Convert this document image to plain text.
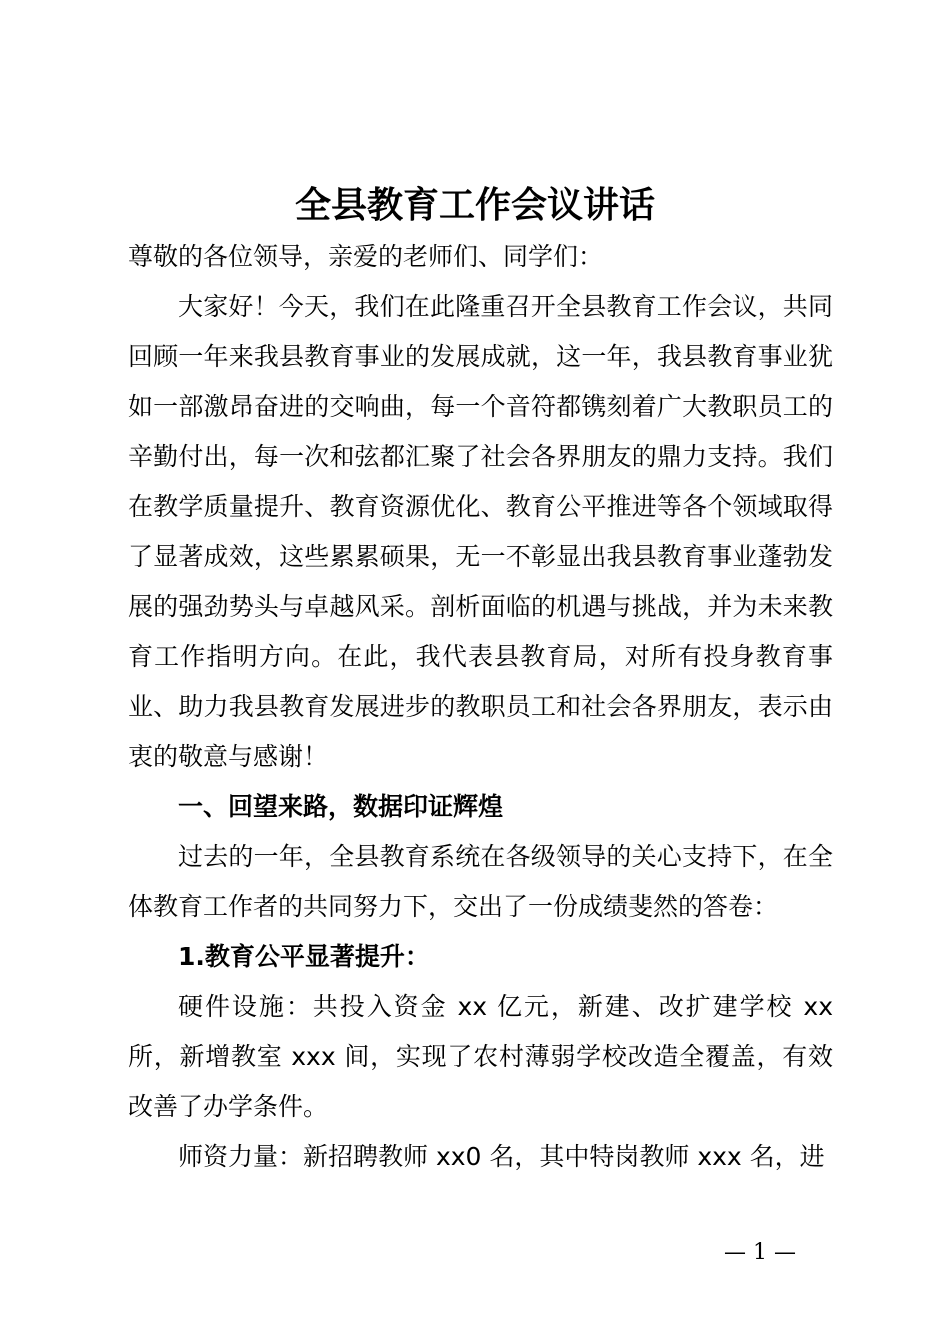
全县教育工作会议讲话

尊敬的各位领导，亲爱的老师们、同学们：

大家好！今天，我们在此隆重召开全县教育工作会议，共同回顾一年来我县教育事业的发展成就，这一年，我县教育事业犹如一部激昂奋进的交响曲，每一个音符都镌刻着广大教职员工的辛勤付出，每一次和弦都汇聚了社会各界朋友的鼎力支持。我们在教学质量提升、教育资源优化、教育公平推进等各个领域取得了显著成效，这些累累硕果，无一不彰显出我县教育事业蓬勃发展的强劲势头与卓越风采。剖析面临的机遇与挑战，并为未来教育工作指明方向。在此，我代表县教育局，对所有投身教育事业、助力我县教育发展进步的教职员工和社会各界朋友，表示由衷的敬意与感谢！

一、回望来路，数据印证辉煌

过去的一年，全县教育系统在各级领导的关心支持下，在全体教育工作者的共同努力下，交出了一份成绩斐然的答卷：

1.教育公平显著提升：

硬件设施：共投入资金 xx 亿元，新建、改扩建学校 xx 所，新增教室 xxx 间，实现了农村薄弱学校改造全覆盖，有效改善了办学条件。

师资力量：新招聘教师 xx0 名，其中特岗教师 xxx 名，进

— 1 —
